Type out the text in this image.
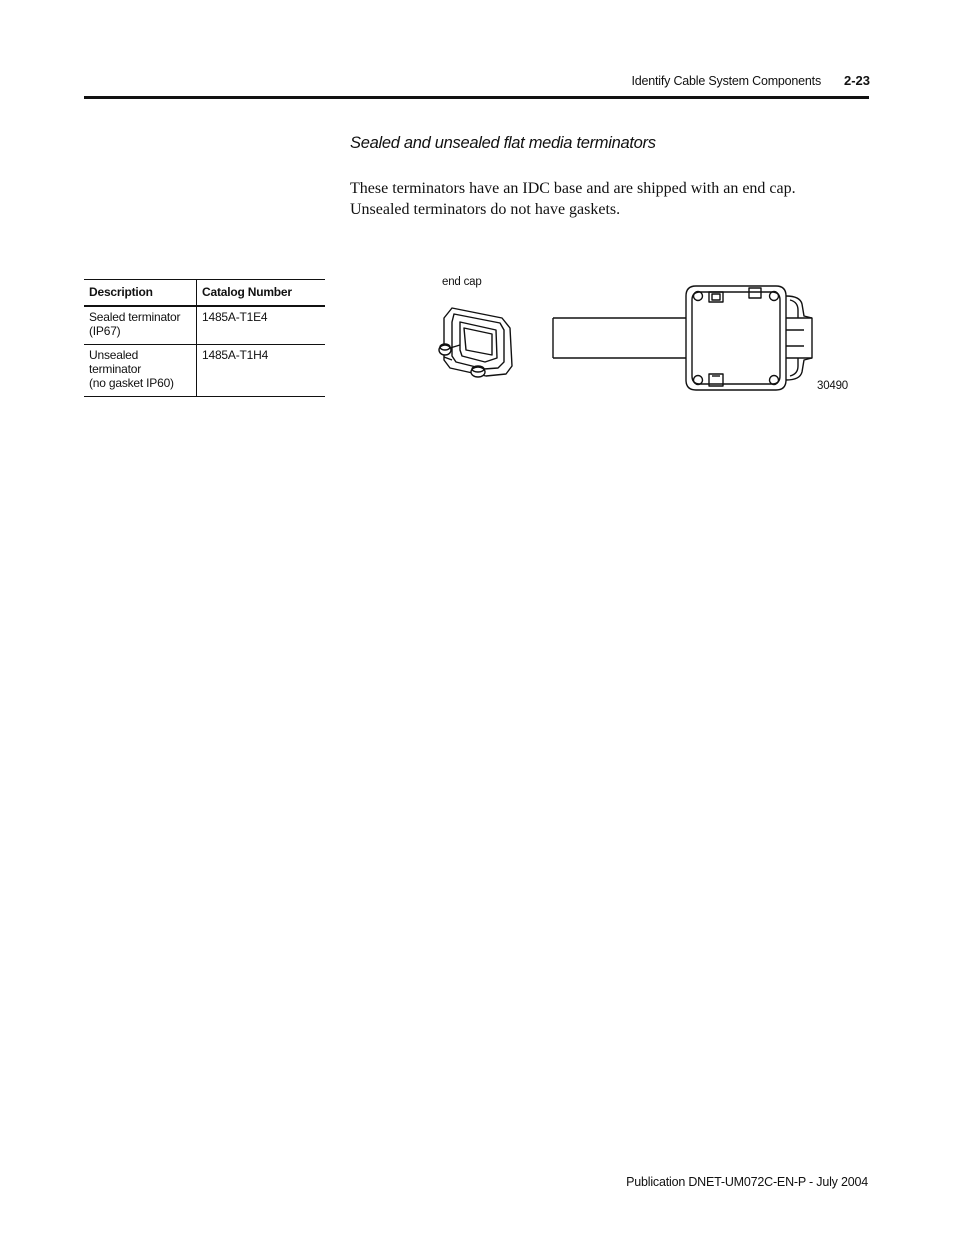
Identify Cable System Components 2-23
Sealed and unsealed flat media terminators

These terminators have an IDC base and are shipped with an end cap.

Unsealed terminators do not have gaskets.

Description	Catalog Number
Sealed terminator
(IP67)	1485A-T1E4
Unsealed
terminator
(no gasket IP60)	1485A-T1H4
end cap
30490
Publication DNET-UM072C-EN-P - July 2004
